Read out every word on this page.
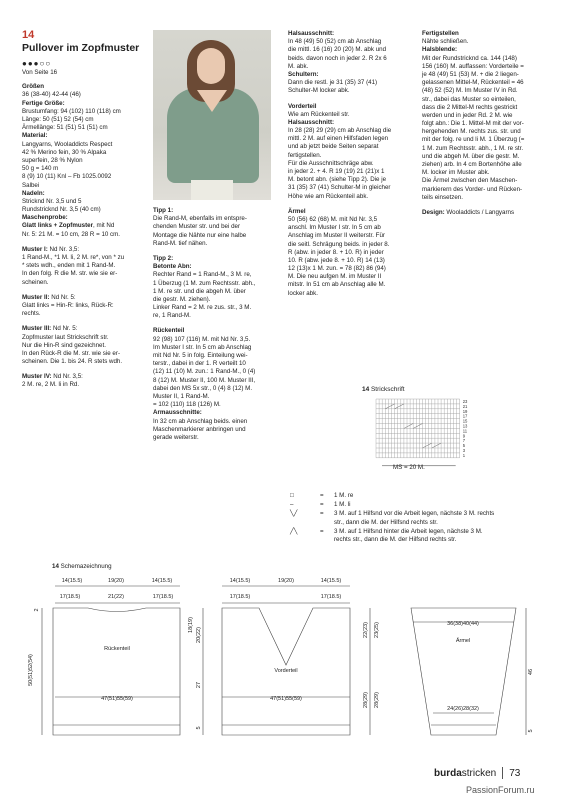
14
Pullover im Zopfmuster
●●●○○
Von Seite 16

Größen
36 (38-40) 42-44 (46)

Fertige Größe:
Brustumfang: 94 (102) 110 (118) cm
Länge: 50 (51) 52 (54) cm
Ärmellänge: 51 (51) 51 (51) cm

Material:
Langyarns, Wooladdicts Respect
42 % Merino fein, 30 % Alpaka
superfein, 28 % Nylon
50 g = 140 m
8 (9) 10 (11) Knl – Fb 1025.0092
Salbei

Nadeln:
Stricknd Nr. 3,5 und 5
Rundstricknd Nr. 3,5 (40 cm)

Maschenprobe:

Glatt links + Zopfmuster, mit Nd
Nr. 5: 21 M. = 10 cm, 28 R = 10 cm.

Muster I: Nd Nr. 3,5:
1 Rand-M., *1 M. li, 2 M. re*, von * zu
* stets wdh., enden mit 1 Rand-M.
In den folg. R die M. str. wie sie er-
scheinen.

Muster II: Nd Nr. 5:
Glatt links = Hin-R: links, Rück-R:
rechts.

Muster III: Nd Nr. 5:
Zopfmuster laut Strickschrift str.
Nur die Hin-R sind gezeichnet.
In den Rück-R die M. str. wie sie er-
scheinen. Die 1. bis 24. R stets wdh.

Muster IV: Nd Nr. 3,5:
2 M. re, 2 M. li in Rd.

Tipp 1:
Die Rand-M, ebenfalls im entspre-
chenden Muster str. und bei der
Montage die Nähte nur eine halbe
Rand-M. tief nähen.

Tipp 2:

Betonte Abn:
Rechter Rand = 1 Rand-M., 3 M. re,
1 Überzug (1 M. zum Rechtsstr. abh.,
1 M. re str. und die abgeh M. über
die gestr. M. ziehen).
Linker Rand = 2 M. re zus. str., 3 M.
re, 1 Rand-M.

Rückenteil
92 (98) 107 (116) M. mit Nd Nr. 3,5.
Im Muster I str. In 5 cm ab Anschlag
mit Nd Nr. 5 in folg. Einteilung wei-
terstr., dabei in der 1. R verteilt 10
(12) 11 (10) M. zun.: 1 Rand-M., 0 (4)
8 (12) M. Muster II, 100 M. Muster III,
dabei den MS 5x str., 0 (4) 8 (12) M.
Muster II, 1 Rand-M.
= 102 (110) 118 (126) M.

Armausschnitte:
In 32 cm ab Anschlag beids. einen
Maschenmarkierer anbringen und
gerade weiterstr.

Halsausschnitt:
In 48 (49) 50 (52) cm ab Anschlag
die mittl. 16 (16) 20 (20) M. abk und
beids. davon noch in jeder 2. R 2x 6
M. abk.

Schultern:
Dann die restl. je 31 (35) 37 (41)
Schulter-M locker abk.

Vorderteil
Wie am Rückenteil str.

Halsausschnitt:
In 28 (28) 29 (29) cm ab Anschlag die
mittl. 2 M. auf einen Hilfsfaden legen
und ab jetzt beide Seiten separat
fertigstellen.
Für die Ausschnittschräge abw.
in jeder 2. + 4. R 19 (19) 21 (21)x 1
M. betont abn. (siehe Tipp 2). Die je
31 (35) 37 (41) Schulter-M in gleicher
Höhe wie am Rückenteil abk.

Ärmel
50 (56) 62 (68) M. mit Nd Nr. 3,5
anschl. Im Muster I str. In 5 cm ab
Anschlag im Muster II weiterstr. Für
die seitl. Schrägung beids. in jeder 8.
R (abw. in jeder 8. + 10. R) in jeder
10. R (abw. jede 8. + 10. R) 14 (13)
12 (13)x 1 M. zun. = 78 (82) 86 (94)
M. Die neu aufgen M. im Muster II
mitstr. In 51 cm ab Anschlag alle M.
locker abk.

Fertigstellen
Nähte schließen.

Halsblende:
Mit der Rundstricknd ca. 144 (148)
156 (160) M. auffassen: Vorderteile =
je 48 (49) 51 (53) M. + die 2 liegen-
gelassenen Mittel-M, Rückenteil = 46
(48) 52 (52) M. Im Muster IV in Rd.
str., dabei das Muster so einteilen,
dass die 2 Mittel-M rechts gestrickt
werden und in jeder Rd. 2 M. wie
folgt abn.: Die 1. Mittel-M mit der vor-
hergehenden M. rechts zus. str. und
mit der folg. re und li M. 1 Überzug (=
1 M. zum Rechtsstr. abh., 1 M. re str.
und die abgeh M. über die gestr. M.
ziehen) arb. In 4 cm Bortenhöhe alle
M. locker im Muster abk.
Die Ärmel zwischen den Maschen-
markierern des Vorder- und Rücken-
teils einsetzen.

Design: Wooladdicts / Langyarns

14 Strickschrift
23
21
19
17
15
13
11
9
7
5
3
1
MS = 20 M.
□	=	1 M. re
–	=	1 M. li
╲╱	=	3 M. auf 1 Hilfsnd vor die Arbeit legen, nächste 3 M. rechts
str., dann die M. der Hilfsnd rechts str.
╱╲	=	3 M. auf 1 Hilfsnd hinter die Arbeit legen, nächste 3 M.
rechts str., dann die M. der Hilfsnd rechts str.
14 Schemazeichnung
Rückenteil
14(15.5)	19(20)	14(15.5)
17(18.5)	21(22)	17(18.5)
47(51)55(59)
50(51)52(54)
2
Vorderteil
14(15.5)	19(20)	14(15.5)
17(18.5)	17(18.5)
47(51)55(59)
20(22)
18(19)
27
5
22(23) 23(25)
28(29) 28(29)
36(38)40(44)
Ärmel
24(26)28(32)
46
5
burdastricken 73
PassionForum.ru
